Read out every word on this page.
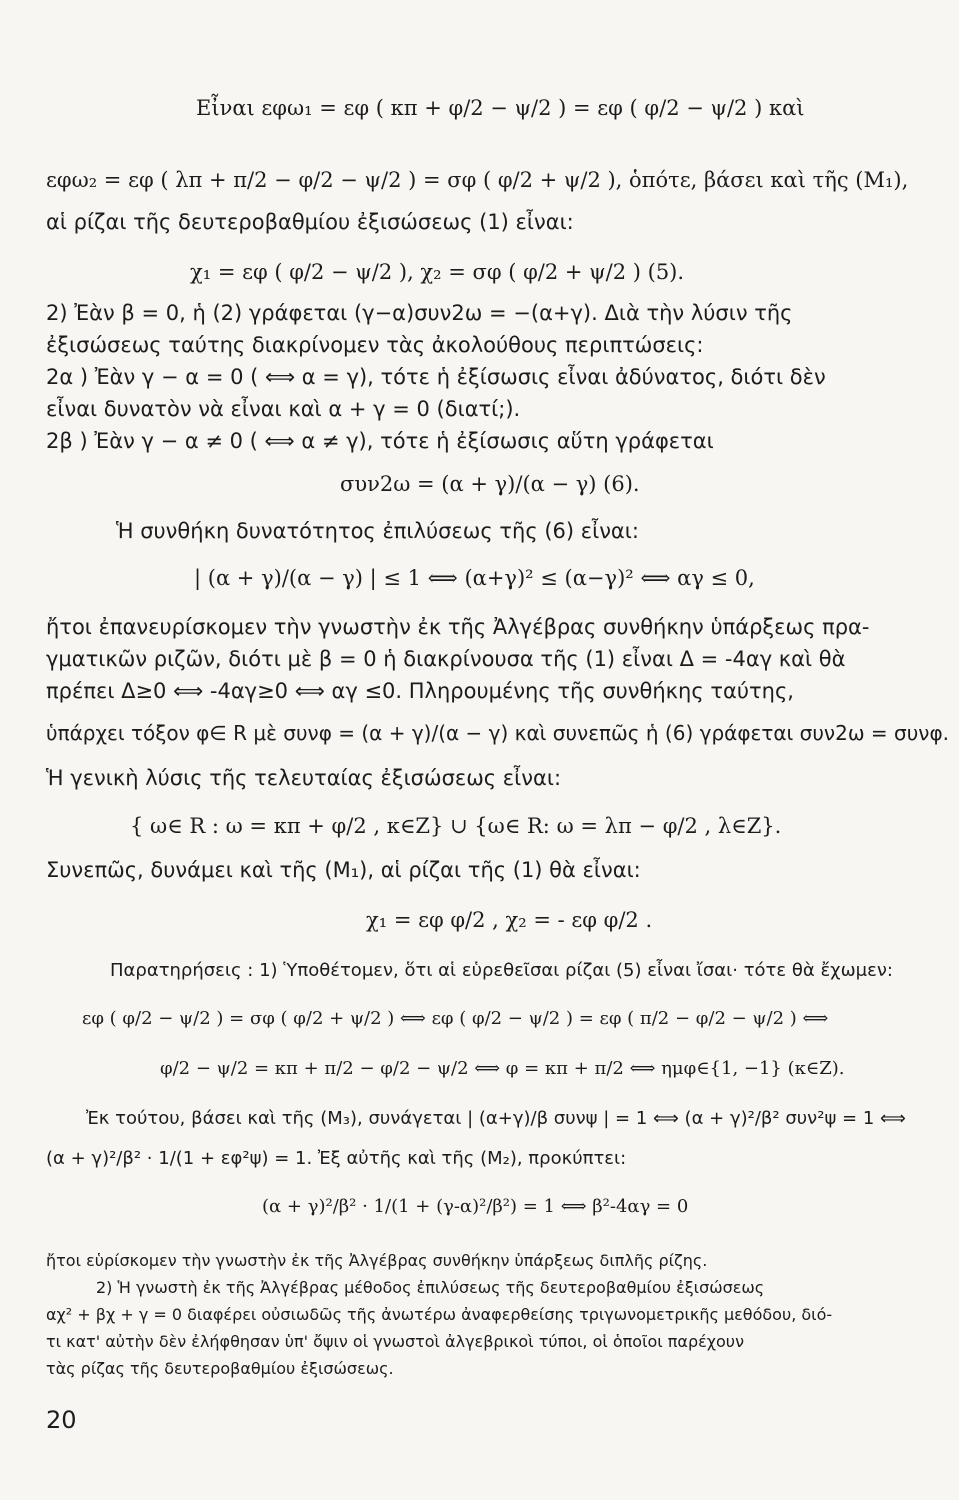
Εἶναι εφω₁ = εφ ( κπ + φ/2 − ψ/2 ) = εφ ( φ/2 − ψ/2 ) καὶ
εφω₂ = εφ ( λπ + π/2 − φ/2 − ψ/2 ) = σφ ( φ/2 + ψ/2 ), ὁπότε, βάσει καὶ τῆς (Μ₁),
αἱ ρίζαι τῆς δευτεροβαθμίου ἐξισώσεως (1) εἶναι:
χ₁ = εφ ( φ/2 − ψ/2 ), χ₂ = σφ ( φ/2 + ψ/2 ) (5).
2) Ἐὰν β = 0, ἡ (2) γράφεται (γ−α)συν2ω = −(α+γ). Διὰ τὴν λύσιν τῆς
ἐξισώσεως ταύτης διακρίνομεν τὰς ἀκολούθους περιπτώσεις:
2α ) Ἐὰν γ − α = 0 ( ⟺ α = γ), τότε ἡ ἐξίσωσις εἶναι ἀδύνατος, διότι δὲν
εἶναι δυνατὸν νὰ εἶναι καὶ α + γ = 0 (διατί;).
2β ) Ἐὰν γ − α ≠ 0 ( ⟺ α ≠ γ), τότε ἡ ἐξίσωσις αὕτη γράφεται
συν2ω = (α + γ)/(α − γ) (6).
Ἡ συνθήκη δυνατότητος ἐπιλύσεως τῆς (6) εἶναι:
| (α + γ)/(α − γ) | ≤ 1 ⟺ (α+γ)² ≤ (α−γ)² ⟺ αγ ≤ 0,
ἤτοι ἐπανευρίσκομεν τὴν γνωστὴν ἐκ τῆς Ἀλγέβρας συνθήκην ὑπάρξεως πρα-
γματικῶν ριζῶν, διότι μὲ β = 0 ἡ διακρίνουσα τῆς (1) εἶναι Δ = -4αγ καὶ θὰ
πρέπει Δ≥0 ⟺ -4αγ≥0 ⟺ αγ ≤0. Πληρουμένης τῆς συνθήκης ταύτης,
ὑπάρχει τόξον φ∈ R μὲ συνφ = (α + γ)/(α − γ) καὶ συνεπῶς ἡ (6) γράφεται συν2ω = συνφ.
Ἡ γενικὴ λύσις τῆς τελευταίας ἐξισώσεως εἶναι:
{ ω∈ R : ω = κπ + φ/2 , κ∈Z} ∪ {ω∈ R: ω = λπ − φ/2 , λ∈Z}.
Συνεπῶς, δυνάμει καὶ τῆς (Μ₁), αἱ ρίζαι τῆς (1) θὰ εἶναι:
χ₁ = εφ φ/2 , χ₂ = - εφ φ/2 .
Παρατηρήσεις : 1) Ὑποθέτομεν, ὅτι αἱ εὑρεθεῖσαι ρίζαι (5) εἶναι ἴσαι· τότε θὰ ἔχωμεν:
εφ ( φ/2 − ψ/2 ) = σφ ( φ/2 + ψ/2 ) ⟺ εφ ( φ/2 − ψ/2 ) = εφ ( π/2 − φ/2 − ψ/2 ) ⟺
φ/2 − ψ/2 = κπ + π/2 − φ/2 − ψ/2 ⟺ φ = κπ + π/2 ⟺ ημφ∈{1, −1} (κ∈Z).
Ἐκ τούτου, βάσει καὶ τῆς (Μ₃), συνάγεται | (α+γ)/β συνψ | = 1 ⟺ (α + γ)²/β² συν²ψ = 1 ⟺
(α + γ)²/β² · 1/(1 + εφ²ψ) = 1. Ἐξ αὐτῆς καὶ τῆς (Μ₂), προκύπτει:
(α + γ)²/β² · 1/(1 + (γ-α)²/β²) = 1 ⟺ β²-4αγ = 0
ἤτοι εὑρίσκομεν τὴν γνωστὴν ἐκ τῆς Ἀλγέβρας συνθήκην ὑπάρξεως διπλῆς ρίζης.
2) Ἡ γνωστὴ ἐκ τῆς Ἀλγέβρας μέθοδος ἐπιλύσεως τῆς δευτεροβαθμίου ἐξισώσεως
αχ² + βχ + γ = 0 διαφέρει οὐσιωδῶς τῆς ἀνωτέρω ἀναφερθείσης τριγωνομετρικῆς μεθόδου, διό-
τι κατ' αὐτὴν δὲν ἐλήφθησαν ὑπ' ὄψιν οἱ γνωστοὶ ἀλγεβρικοὶ τύποι, οἱ ὁποῖοι παρέχουν
τὰς ρίζας τῆς δευτεροβαθμίου ἐξισώσεως.
20
